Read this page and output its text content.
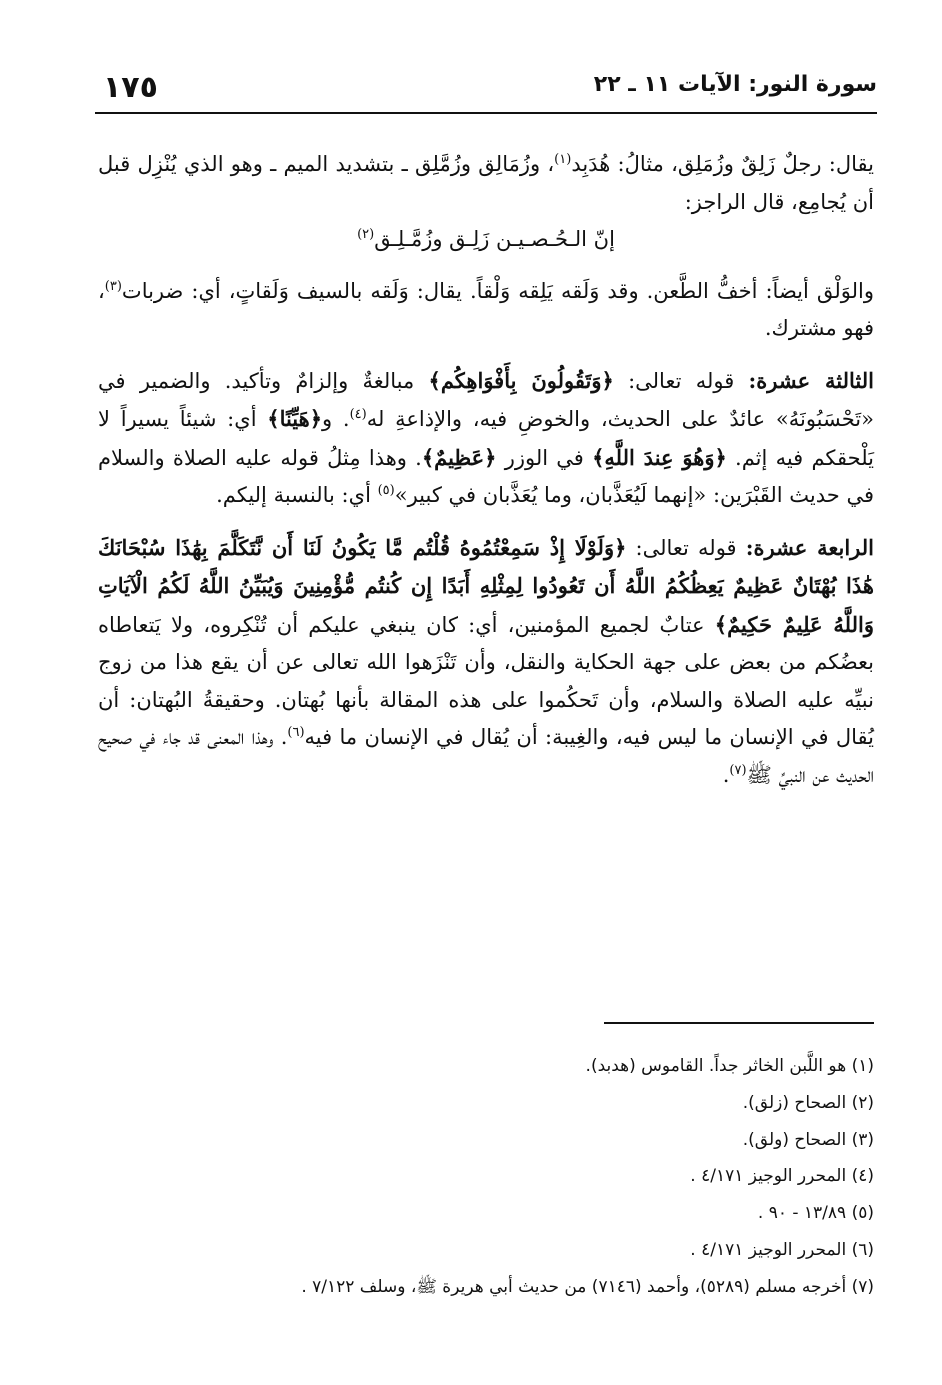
١٧٥	سورة النور: الآيات ١١ ـ ٢٢

يقال: رجلٌ زَلِقٌ وزُمَلِق، مثالُ: هُدَبِد$^{(١)}$، وزُمَالِق وزُمَّلِق ـ بتشديد الميم ـ وهو الذي يُنْزِل قبل أن يُجامِع، قال الراجز:

إنّ الـحُـصـيـن زَلِـق وزُمَّـلِـق$^{(٢)}$

والوَلْق أيضاً: أخفُّ الطَّعن. وقد وَلَقه يَلِقه وَلْقاً. يقال: وَلَقه بالسيف وَلَقاتٍ، أي: ضربات$^{(٣)}$، فهو مشترك.

الثالثة عشرة: قوله تعالى: ﴿وَتَقُولُونَ بِأَفْوَاهِكُم﴾ مبالغةٌ وإلزامٌ وتأكيد. والضمير في «تَحْسَبُونَهُ» عائدٌ على الحديث، والخوضِ فيه، والإذاعةِ له$^{(٤)}$. و﴿هَيِّنًا﴾ أي: شيئاً يسيراً لا يَلْحقكم فيه إثم. ﴿وَهُوَ عِندَ اللَّهِ﴾ في الوزر ﴿عَظِيمٌ﴾. وهذا مِثلُ قوله عليه الصلاة والسلام في حديث القَبْرَين: «إنهما لَيُعَذَّبان، وما يُعَذَّبان في كبير»$^{(٥)}$ أي: بالنسبة إليكم.

الرابعة عشرة: قوله تعالى: ﴿وَلَوْلَا إِذْ سَمِعْتُمُوهُ قُلْتُم مَّا يَكُونُ لَنَا أَن نَّتَكَلَّمَ بِهَٰذَا سُبْحَانَكَ هَٰذَا بُهْتَانٌ عَظِيمٌ يَعِظُكُمُ اللَّهُ أَن تَعُودُوا لِمِثْلِهِ أَبَدًا إِن كُنتُم مُّؤْمِنِينَ وَيُبَيِّنُ اللَّهُ لَكُمُ الْآيَاتِ وَاللَّهُ عَلِيمٌ حَكِيمٌ﴾ عتابٌ لجميع المؤمنين، أي: كان ينبغي عليكم أن تُنْكِروه، ولا يَتعاطاه بعضُكم من بعض على جهة الحكاية والنقل، وأن تَنْزَهوا الله تعالى عن أن يقع هذا من زوج نبيِّه عليه الصلاة والسلام، وأن تَحكُموا على هذه المقالة بأنها بُهتان. وحقيقةُ البُهتان: أن يُقال في الإنسان ما ليس فيه، والغِيبة: أن يُقال في الإنسان ما فيه$^{(٦)}$. وهذا المعنى قد جاء في صحيح الحديث عن النبيِّ ﷺ$^{(٧)}$.

(١) هو اللَّبن الخاثر جداً. القاموس (هدبد).

(٢) الصحاح (زلق).

(٣) الصحاح (ولق).

(٤) المحرر الوجيز ٤/١٧١ .

(٥) ١٣/٨٩ - ٩٠ .

(٦) المحرر الوجيز ٤/١٧١ .

(٧) أخرجه مسلم (٥٢٨٩)، وأحمد (٧١٤٦) من حديث أبي هريرة ﷺ، وسلف ٧/١٢٢ .
